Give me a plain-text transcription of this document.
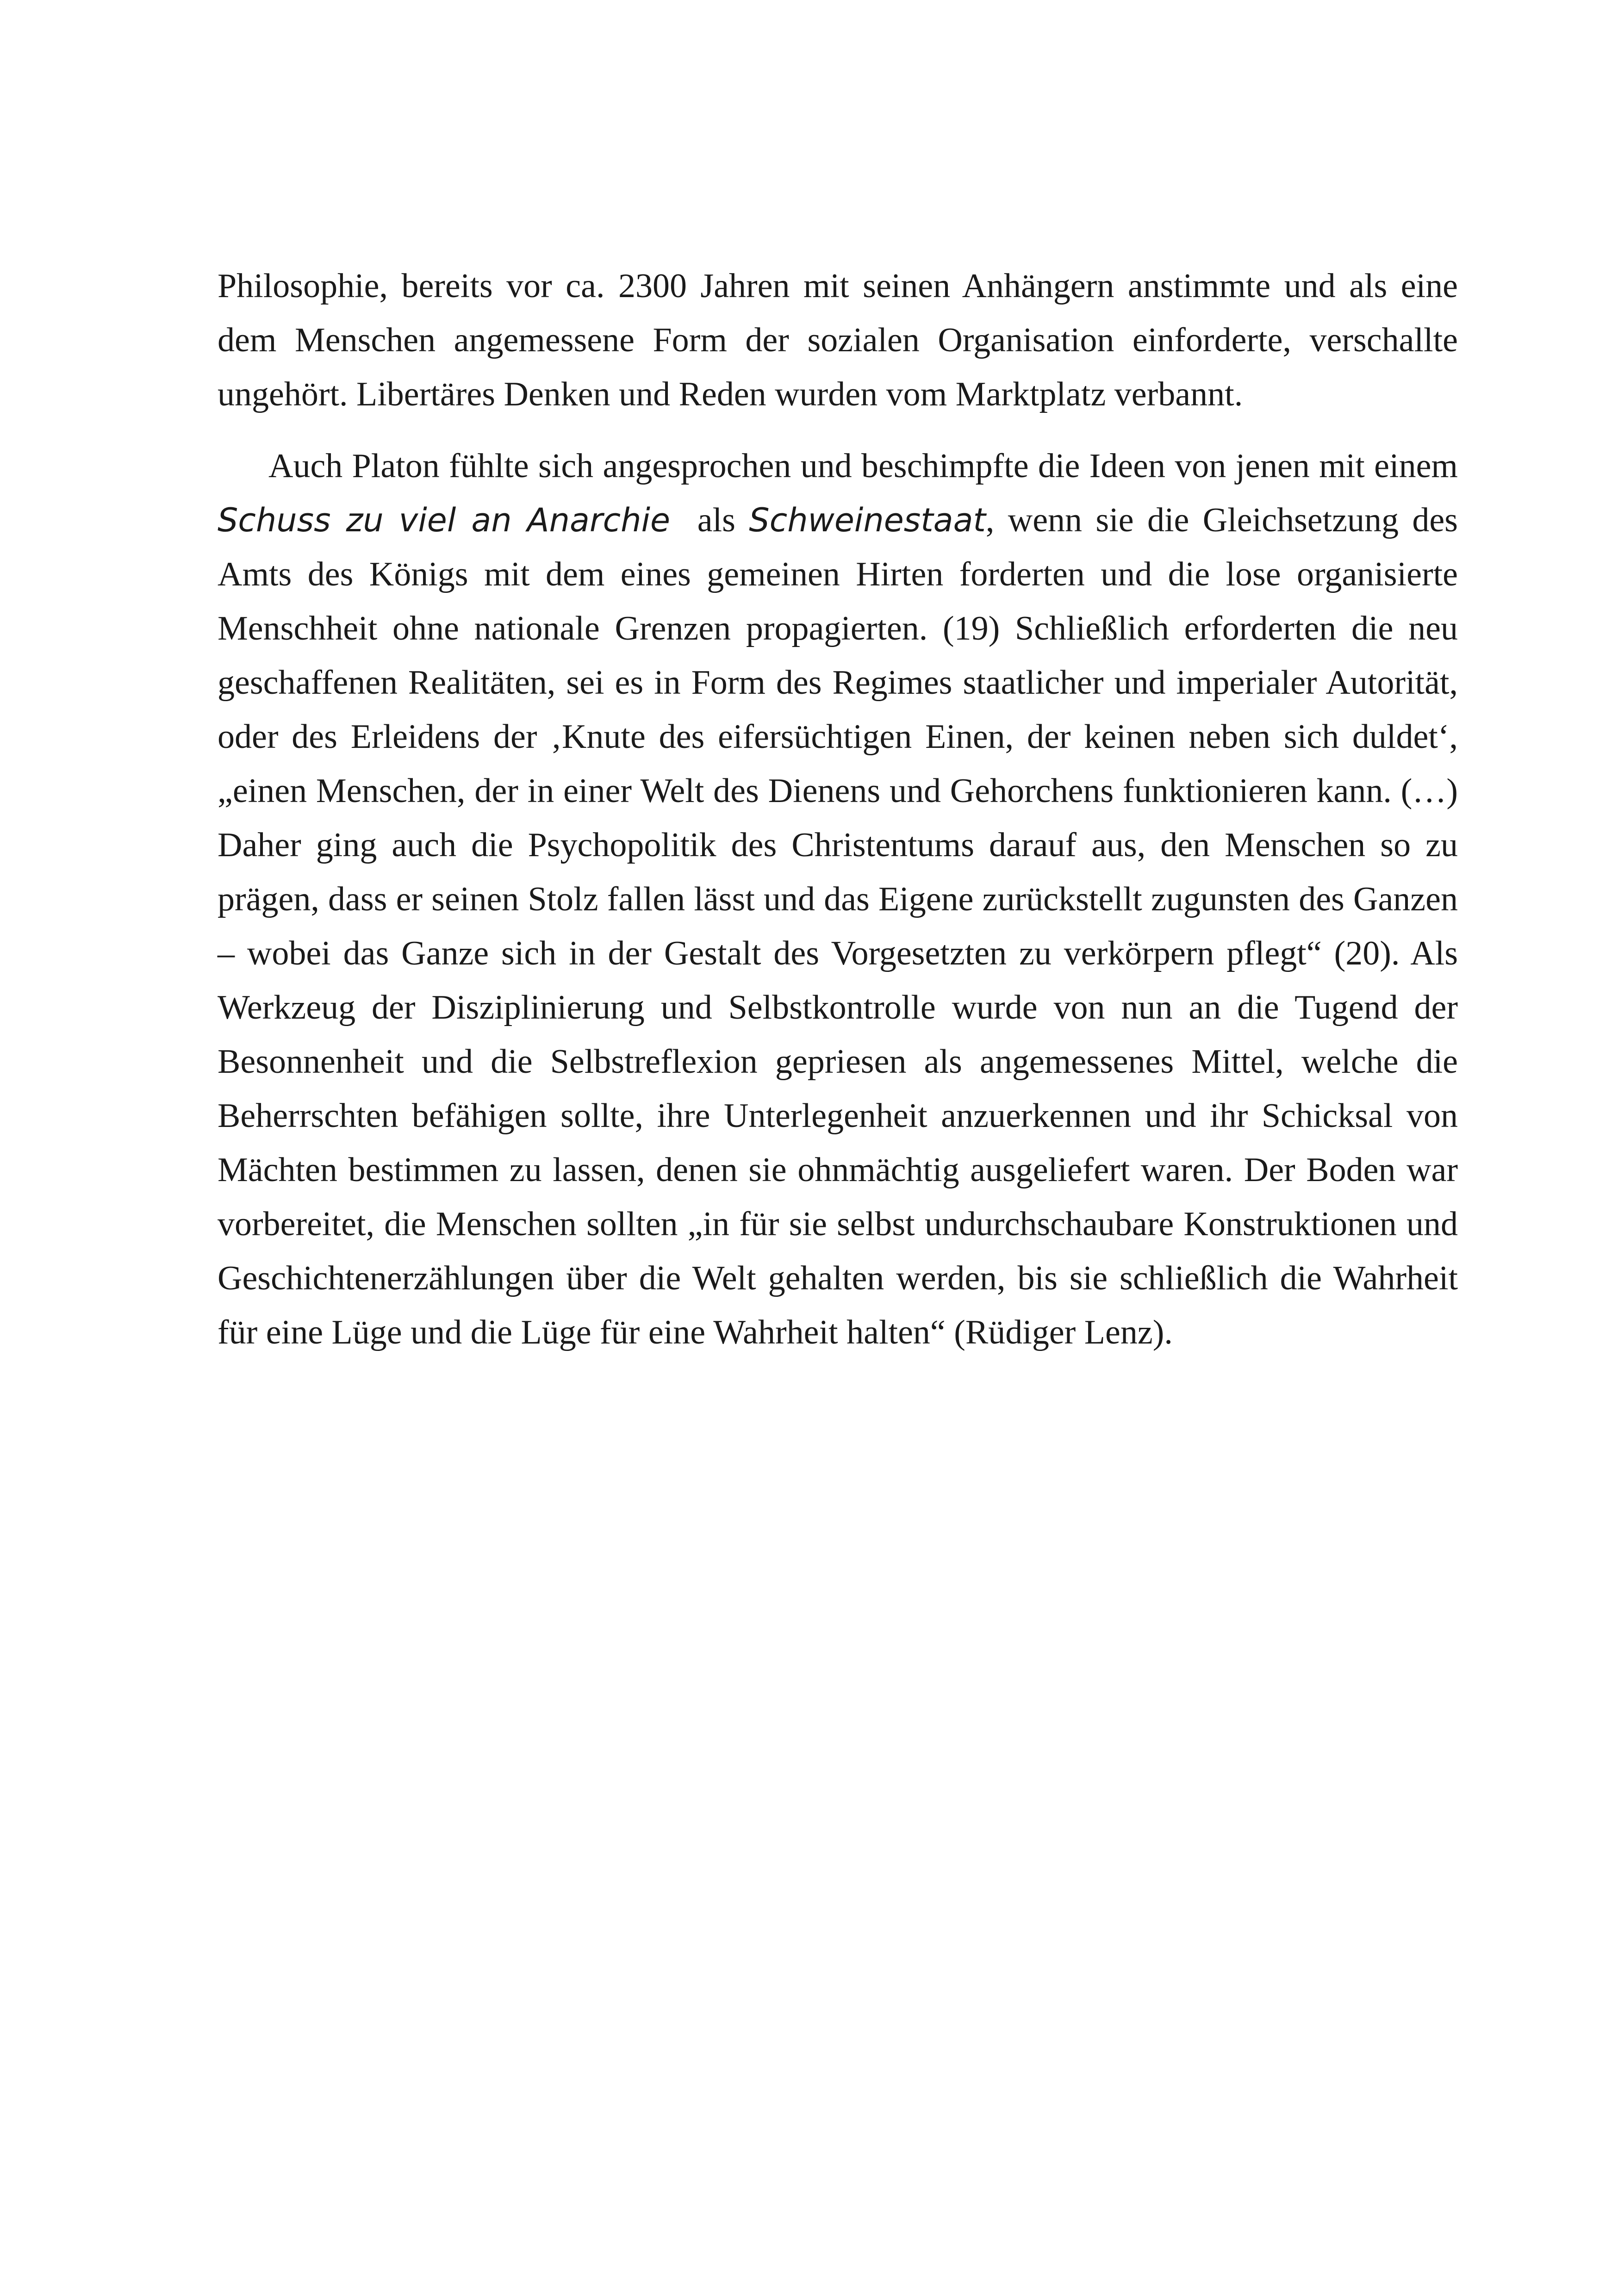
Philosophie, bereits vor ca. 2300 Jahren mit seinen Anhängern anstimmte und als eine dem Menschen angemessene Form der sozialen Organisation einforderte, verschallte ungehört. Libertäres Denken und Reden wurden vom Marktplatz verbannt.

Auch Platon fühlte sich angesprochen und beschimpfte die Ideen von jenen mit einem Schuss zu viel an Anarchie  als Schweinestaat, wenn sie die Gleichsetzung des Amts des Königs mit dem eines gemeinen Hirten forderten und die lose organisierte Menschheit ohne nationale Grenzen propagierten. (19) Schließlich erforderten die neu geschaffenen Realitäten, sei es in Form des Regimes staatlicher und imperialer Autorität, oder des Erleidens der ‚Knute des eifersüchtigen Einen, der keinen neben sich duldet‘, „einen Menschen, der in einer Welt des Dienens und Gehorchens funktionieren kann. (…) Daher ging auch die Psychopolitik des Christentums darauf aus, den Menschen so zu prägen, dass er seinen Stolz fallen lässt und das Eigene zurückstellt zugunsten des Ganzen – wobei das Ganze sich in der Gestalt des Vorgesetzten zu verkörpern pflegt“ (20). Als Werkzeug der Disziplinierung und Selbstkontrolle wurde von nun an die Tugend der Besonnenheit und die Selbstreflexion gepriesen als angemessenes Mittel, welche die Beherrschten befähigen sollte, ihre Unterlegenheit anzuerkennen und ihr Schicksal von Mächten bestimmen zu lassen, denen sie ohnmächtig ausgeliefert waren. Der Boden war vorbereitet, die Menschen sollten „in für sie selbst undurchschaubare Konstruktionen und Geschichtenerzählungen über die Welt gehalten werden, bis sie schließlich die Wahrheit für eine Lüge und die Lüge für eine Wahrheit halten“ (Rüdiger Lenz).
